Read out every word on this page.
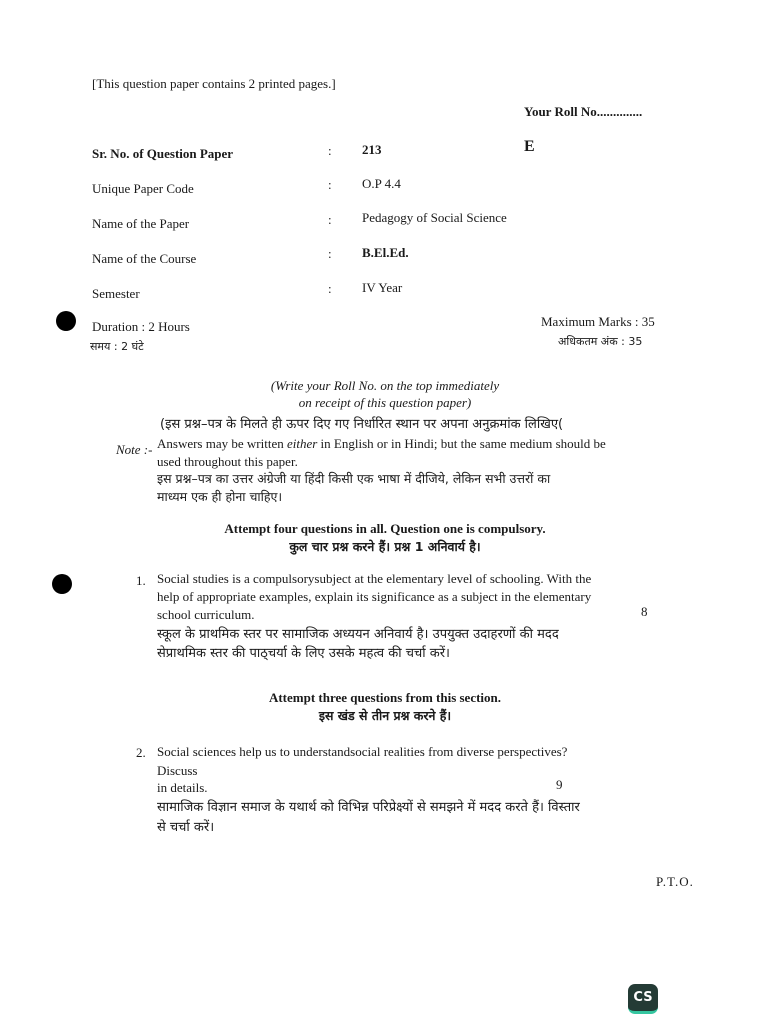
[This question paper contains 2 printed pages.]
Your Roll No..............
E
Sr. No. of Question Paper	: 213
Unique Paper Code	: O.P 4.4
Name of the Paper	: Pedagogy of Social Science
Name of the Course	: B.El.Ed.
Semester	: IV Year
Duration : 2 Hours
समय : 2 घंटे
Maximum Marks : 35
अधिकतम अंक : 35
(Write your Roll No. on the top immediately
on receipt of this question paper)
(इस प्रश्न–पत्र के मिलते ही ऊपर दिए गए निर्धारित स्थान पर अपना अनुक्रमांक लिखिए(
Note :- Answers may be written either in English or in Hindi; but the same medium should be
used throughout this paper.
इस प्रश्न–पत्र का उत्तर अंग्रेजी या हिंदी किसी एक भाषा में दीजिये, लेकिन सभी उत्तरों का
माध्यम एक ही होना चाहिए।
Attempt four questions in all. Question one is compulsory.
कुल चार प्रश्न करने हैं। प्रश्न 1 अनिवार्य है।
1. Social studies is a compulsorysubject at the elementary level of schooling. With the
help of appropriate examples, explain its significance as a subject in the elementary
school curriculum.	8
स्कूल के प्राथमिक स्तर पर सामाजिक अध्ययन अनिवार्य है। उपयुक्त उदाहरणों की मदद
सेप्राथमिक स्तर की पाठ्चर्या के लिए उसके महत्व की चर्चा करें।
Attempt three questions from this section.
इस खंड से तीन प्रश्न करने हैं।
2. Social sciences help us to understandsocial realities from diverse perspectives?
Discuss
in details.	9
सामाजिक विज्ञान समाज के यथार्थ को विभिन्न परिप्रेक्ष्यों से समझने में मदद करते हैं। विस्तार
से चर्चा करें।
P.T.O.
CS
